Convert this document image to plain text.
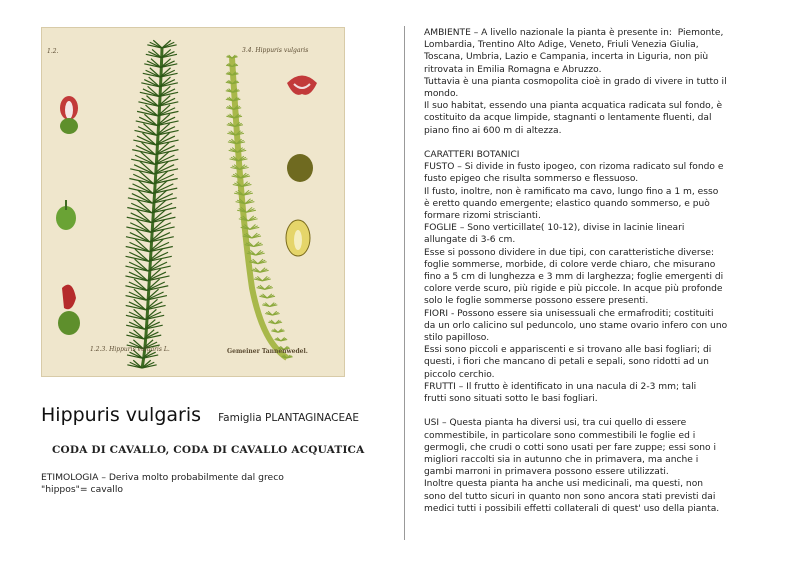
1.2.	3.4. Hippuris vulgaris
1.2.3. Hippuris vulgaris L.	Gemeiner Tannenwedel.
Hippuris vulgaris Famiglia PLANTAGINACEAE
CODA DI CAVALLO, CODA DI CAVALLO ACQUATICA
ETIMOLOGIA – Deriva molto probabilmente dal greco
"hippos"= cavallo
AMBIENTE – A livello nazionale la pianta è presente in:  Piemonte,
Lombardia, Trentino Alto Adige, Veneto, Friuli Venezia Giulia,
Toscana, Umbria, Lazio e Campania, incerta in Liguria, non più
ritrovata in Emilia Romagna e Abruzzo.
Tuttavia è una pianta cosmopolita cioè in grado di vivere in tutto il
mondo.
Il suo habitat, essendo una pianta acquatica radicata sul fondo, è
costituito da acque limpide, stagnanti o lentamente fluenti, dal
piano fino ai 600 m di altezza.
CARATTERI BOTANICI
FUSTO – Si divide in fusto ipogeo, con rizoma radicato sul fondo e
fusto epigeo che risulta sommerso e flessuoso.
Il fusto, inoltre, non è ramificato ma cavo, lungo fino a 1 m, esso
è eretto quando emergente; elastico quando sommerso, e può
formare rizomi striscianti.
FOGLIE – Sono verticillate( 10-12), divise in lacinie lineari
allungate di 3-6 cm.
Esse si possono dividere in due tipi, con caratteristiche diverse:
foglie sommerse, morbide, di colore verde chiaro, che misurano
fino a 5 cm di lunghezza e 3 mm di larghezza; foglie emergenti di
colore verde scuro, più rigide e più piccole. In acque più profonde
solo le foglie sommerse possono essere presenti.
FIORI - Possono essere sia unisessuali che ermafroditi; costituiti
da un orlo calicino sul peduncolo, uno stame ovario infero con uno
stilo papilloso.
Essi sono piccoli e appariscenti e si trovano alle basi fogliari; di
questi, i fiori che mancano di petali e sepali, sono ridotti ad un
piccolo cerchio.
FRUTTI – Il frutto è identificato in una nacula di 2-3 mm; tali
frutti sono situati sotto le basi fogliari.
USI – Questa pianta ha diversi usi, tra cui quello di essere
commestibile, in particolare sono commestibili le foglie ed i
germogli, che crudi o cotti sono usati per fare zuppe; essi sono i
migliori raccolti sia in autunno che in primavera, ma anche i
gambi marroni in primavera possono essere utilizzati.
Inoltre questa pianta ha anche usi medicinali, ma questi, non
sono del tutto sicuri in quanto non sono ancora stati previsti dai
medici tutti i possibili effetti collaterali di quest' uso della pianta.
